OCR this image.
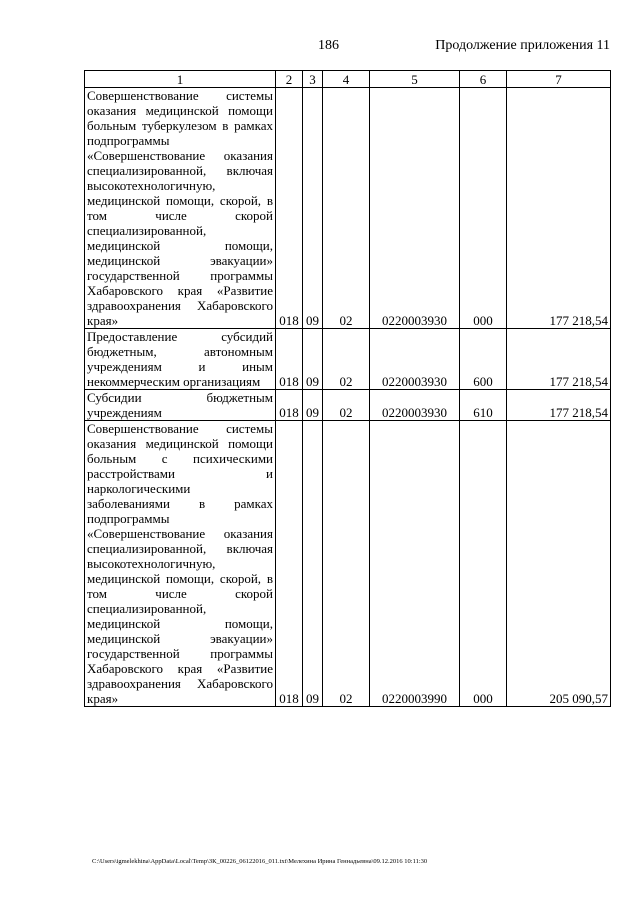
186	Продолжение приложения 11
1	2	3	4	5	6	7
Совершенствование системы оказания медицинской помощи больным туберкулезом в рамках подпрограммы «Совершенствование оказания специализированной, включая высокотехнологичную, медицинской помощи, скорой, в том числе скорой специализированной, медицинской помощи, медицинской эвакуации» государственной программы Хабаровского края «Развитие здравоохранения Хабаровского края»	018	09	02	0220003930	000	177 218,54
Предоставление субсидий бюджетным, автономным учреждениям и иным некоммерческим организациям	018	09	02	0220003930	600	177 218,54
Субсидии бюджетным учреждениям	018	09	02	0220003930	610	177 218,54
Совершенствование системы оказания медицинской помощи больным с психическими расстройствами и наркологическими заболеваниями в рамках подпрограммы «Совершенствование оказания специализированной, включая высокотехнологичную, медицинской помощи, скорой, в том числе скорой специализированной, медицинской помощи, медицинской эвакуации» государственной программы Хабаровского края «Развитие здравоохранения Хабаровского края»	018	09	02	0220003990	000	205 090,57
C:\Users\igmelekhina\AppData\Local\Temp\ЗК_00226_06122016_011.txt\Мелехина Ирина Геннадьевна\09.12.2016 10:11:30
